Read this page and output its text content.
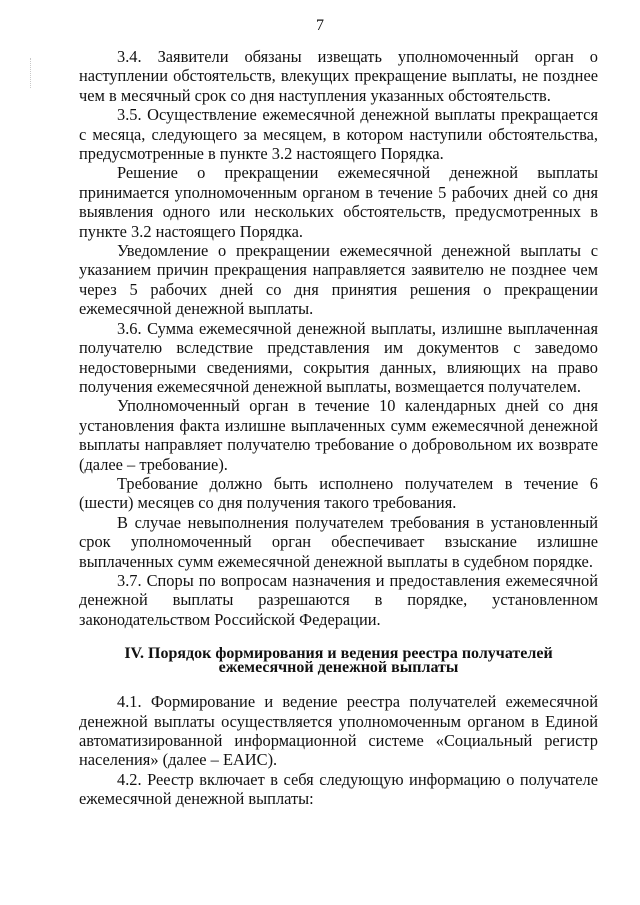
7

3.4. Заявители обязаны извещать уполномоченный орган о наступлении обстоятельств, влекущих прекращение выплаты, не позднее чем в месячный срок со дня наступления указанных обстоятельств.

3.5. Осуществление ежемесячной денежной выплаты прекращается с месяца, следующего за месяцем, в котором наступили обстоятельства, предусмотренные в пункте 3.2 настоящего Порядка.

Решение о прекращении ежемесячной денежной выплаты принимается уполномоченным органом в течение 5 рабочих дней со дня выявления одного или нескольких обстоятельств, предусмотренных в пункте 3.2 настоящего Порядка.

Уведомление о прекращении ежемесячной денежной выплаты с указанием причин прекращения направляется заявителю не позднее чем через 5 рабочих дней со дня принятия решения о прекращении ежемесячной денежной выплаты.

3.6. Сумма ежемесячной денежной выплаты, излишне выплаченная получателю вследствие представления им документов с заведомо недостоверными сведениями, сокрытия данных, влияющих на право получения ежемесячной денежной выплаты, возмещается получателем.

Уполномоченный орган в течение 10 календарных дней со дня установления факта излишне выплаченных сумм ежемесячной денежной выплаты направляет получателю требование о добровольном их возврате (далее – требование).

Требование должно быть исполнено получателем в течение 6 (шести) месяцев со дня получения такого требования.

В случае невыполнения получателем требования в установленный срок уполномоченный орган обеспечивает взыскание излишне выплаченных сумм ежемесячной денежной выплаты в судебном порядке.

3.7. Споры по вопросам назначения и предоставления ежемесячной денежной выплаты разрешаются в порядке, установленном законодательством Российской Федерации.

IV. Порядок формирования и ведения реестра получателей
ежемесячной денежной выплаты

4.1. Формирование и ведение реестра получателей ежемесячной денежной выплаты осуществляется уполномоченным органом в Единой автоматизированной информационной системе «Социальный регистр населения» (далее – ЕАИС).

4.2. Реестр включает в себя следующую информацию о получателе ежемесячной денежной выплаты:
